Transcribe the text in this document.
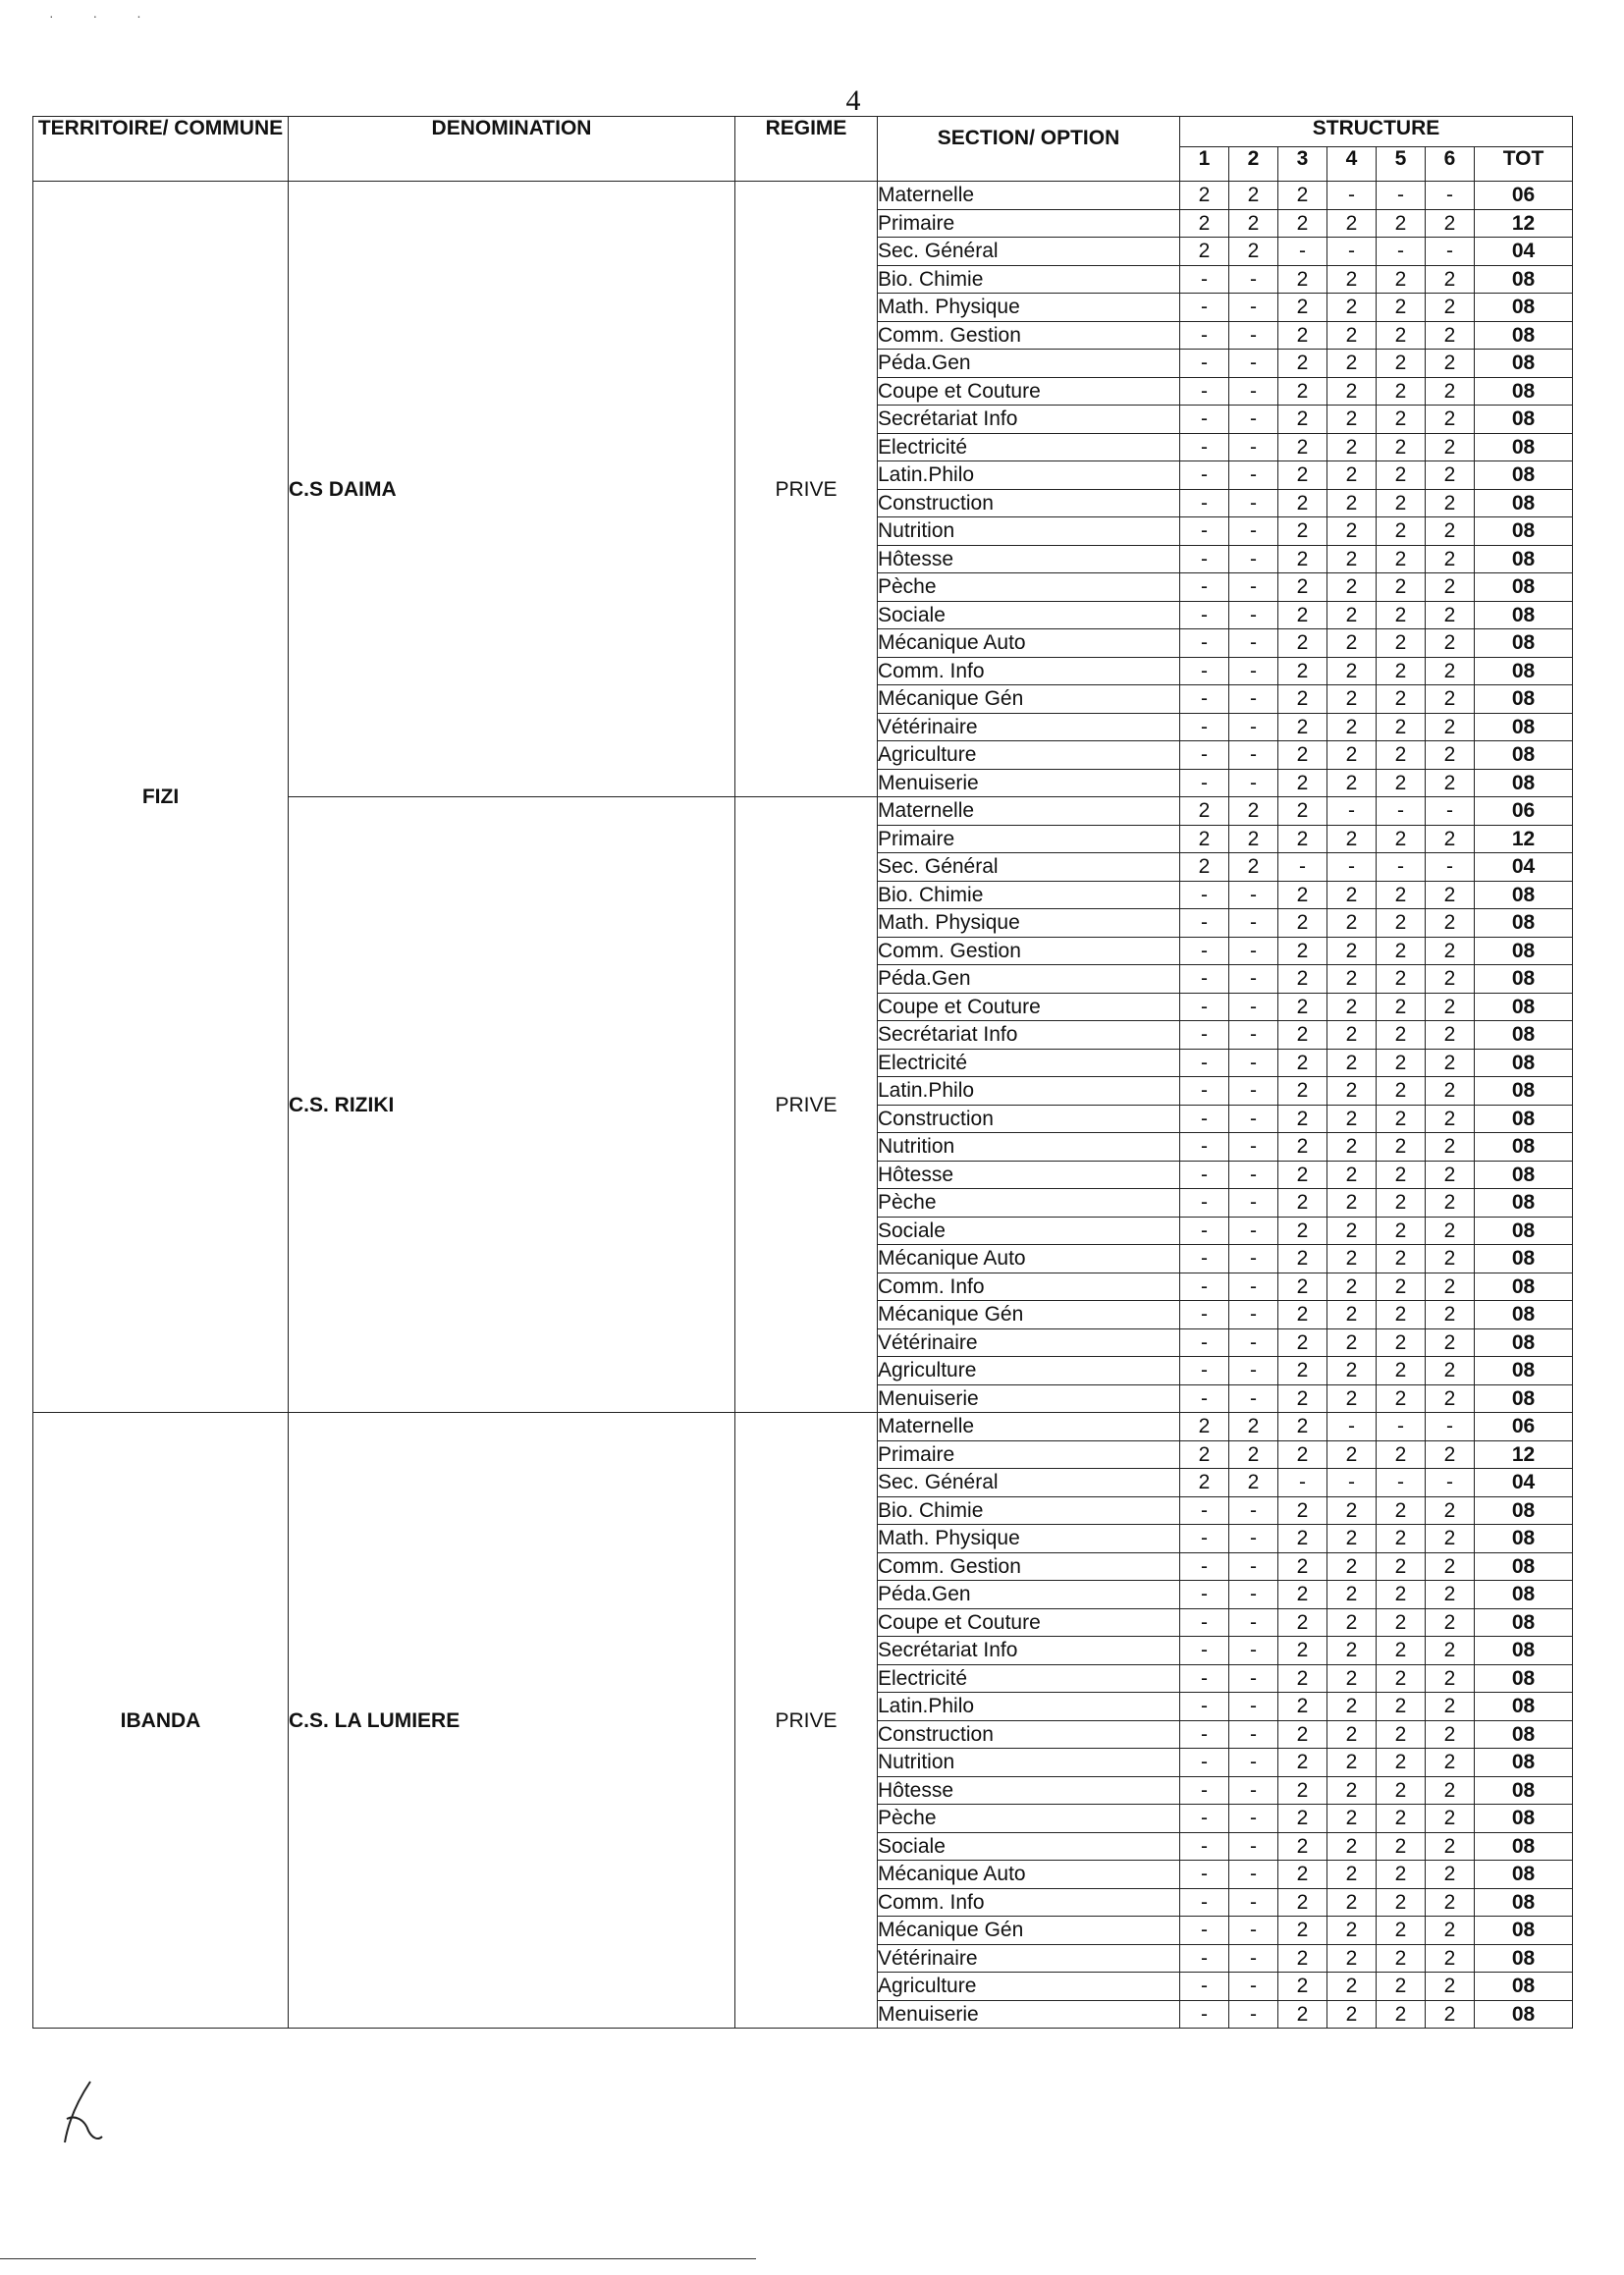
· · ·
4
TERRITOIRE/ COMMUNE	DENOMINATION	REGIME	SECTION/ OPTION	STRUCTURE						
				1	2	3	4	5	6	TOT
FIZI	C.S DAIMA	PRIVE	Maternelle	2	2	2	-	-	-	06
			Primaire	2	2	2	2	2	2	12
			Sec. Général	2	2	-	-	-	-	04
			Bio. Chimie	-	-	2	2	2	2	08
			Math. Physique	-	-	2	2	2	2	08
			Comm. Gestion	-	-	2	2	2	2	08
			Péda.Gen	-	-	2	2	2	2	08
			Coupe et Couture	-	-	2	2	2	2	08
			Secrétariat Info	-	-	2	2	2	2	08
			Electricité	-	-	2	2	2	2	08
			Latin.Philo	-	-	2	2	2	2	08
			Construction	-	-	2	2	2	2	08
			Nutrition	-	-	2	2	2	2	08
			Hôtesse	-	-	2	2	2	2	08
			Pèche	-	-	2	2	2	2	08
			Sociale	-	-	2	2	2	2	08
			Mécanique Auto	-	-	2	2	2	2	08
			Comm. Info	-	-	2	2	2	2	08
			Mécanique Gén	-	-	2	2	2	2	08
			Vétérinaire	-	-	2	2	2	2	08
			Agriculture	-	-	2	2	2	2	08
			Menuiserie	-	-	2	2	2	2	08
	C.S. RIZIKI	PRIVE	Maternelle	2	2	2	-	-	-	06
			Primaire	2	2	2	2	2	2	12
			Sec. Général	2	2	-	-	-	-	04
			Bio. Chimie	-	-	2	2	2	2	08
			Math. Physique	-	-	2	2	2	2	08
			Comm. Gestion	-	-	2	2	2	2	08
			Péda.Gen	-	-	2	2	2	2	08
			Coupe et Couture	-	-	2	2	2	2	08
			Secrétariat Info	-	-	2	2	2	2	08
			Electricité	-	-	2	2	2	2	08
			Latin.Philo	-	-	2	2	2	2	08
			Construction	-	-	2	2	2	2	08
			Nutrition	-	-	2	2	2	2	08
			Hôtesse	-	-	2	2	2	2	08
			Pèche	-	-	2	2	2	2	08
			Sociale	-	-	2	2	2	2	08
			Mécanique Auto	-	-	2	2	2	2	08
			Comm. Info	-	-	2	2	2	2	08
			Mécanique Gén	-	-	2	2	2	2	08
			Vétérinaire	-	-	2	2	2	2	08
			Agriculture	-	-	2	2	2	2	08
			Menuiserie	-	-	2	2	2	2	08
IBANDA	C.S. LA LUMIERE	PRIVE	Maternelle	2	2	2	-	-	-	06
			Primaire	2	2	2	2	2	2	12
			Sec. Général	2	2	-	-	-	-	04
			Bio. Chimie	-	-	2	2	2	2	08
			Math. Physique	-	-	2	2	2	2	08
			Comm. Gestion	-	-	2	2	2	2	08
			Péda.Gen	-	-	2	2	2	2	08
			Coupe et Couture	-	-	2	2	2	2	08
			Secrétariat Info	-	-	2	2	2	2	08
			Electricité	-	-	2	2	2	2	08
			Latin.Philo	-	-	2	2	2	2	08
			Construction	-	-	2	2	2	2	08
			Nutrition	-	-	2	2	2	2	08
			Hôtesse	-	-	2	2	2	2	08
			Pèche	-	-	2	2	2	2	08
			Sociale	-	-	2	2	2	2	08
			Mécanique Auto	-	-	2	2	2	2	08
			Comm. Info	-	-	2	2	2	2	08
			Mécanique Gén	-	-	2	2	2	2	08
			Vétérinaire	-	-	2	2	2	2	08
			Agriculture	-	-	2	2	2	2	08
			Menuiserie	-	-	2	2	2	2	08
